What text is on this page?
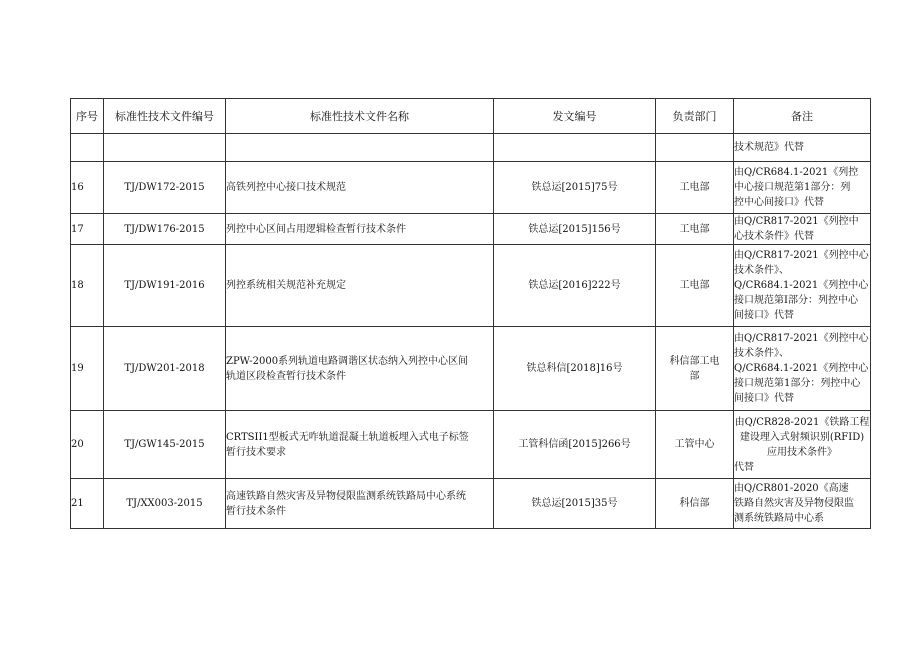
序号	标准性技术文件编号	标准性技术文件名称	发文编号	负责部门	备注

					技术规范》代替

16	TJ/DW172-2015	高铁列控中心接口技术规范	铁总运[2015]75号	工电部	由Q/CR684.1-2021《列控
中心接口规范第1部分：列
控中心间接口》代替

17	TJ/DW176-2015	列控中心区间占用逻辑检查暂行技术条件	铁总运[2015]156号	工电部	由Q/CR817-2021《列控中
心技术条件》代替

18	TJ/DW191-2016	列控系统相关规范补充规定	铁总运[2016]222号	工电部	由Q/CR817-2021《列控中心
技术条件》、
Q/CR684.1-2021《列控中心
接口规范第I部分：列控中心
间接口》代替

19	TJ/DW201-2018	ZPW-2000系列轨道电路调谐区状态纳入列控中心区间
轨道区段检查暂行技术条件	铁总科信[2018]16号	科信部工电
部	由Q/CR817-2021《列控中心
技术条件》、
Q/CR684.1-2021《列控中心
接口规范第1部分：列控中心
间接口》代替

20	TJ/GW145-2015	CRTSII1型板式无咋轨道混凝土轨道板埋入式电子标签
暂行技术要求	工管科信函[2015]266号	工管中心	由Q/CR828-2021《铁路工程
建设理入式射频识别(RFID)
应用技术条件》
代替

21	TJ/XX003-2015	高速铁路自然灾害及异物侵限监测系统铁路局中心系统
暂行技术条件	铁总运[2015]35号	科信部	由Q/CR801-2020《高速
铁路自然灾害及异物侵限监
测系统铁路局中心系
